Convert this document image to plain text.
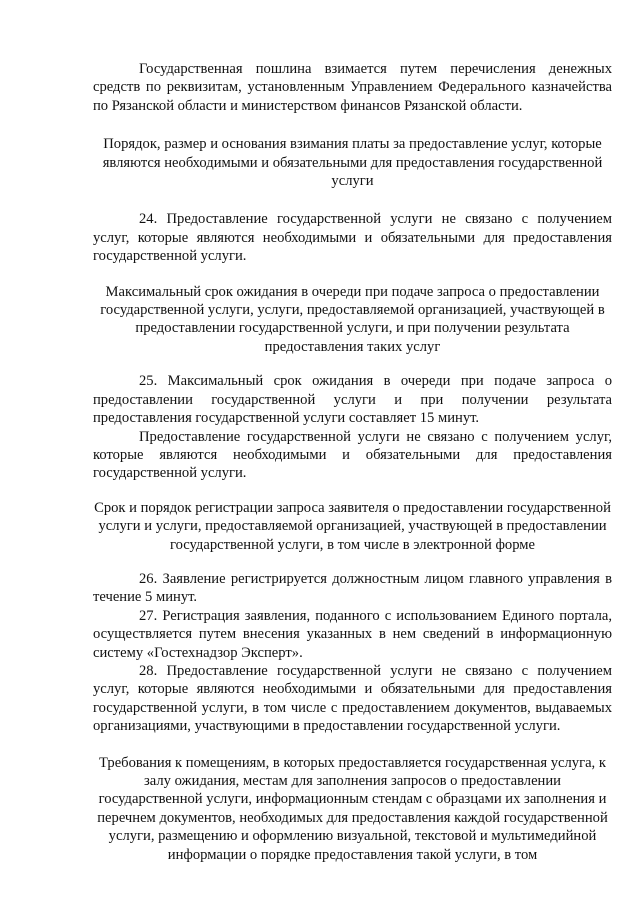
Государственная пошлина взимается путем перечисления денежных средств по реквизитам, установленным Управлением Федерального казначейства по Рязанской области и министерством финансов Рязанской области.

Порядок, размер и основания взимания платы за предоставление услуг, которые являются необходимыми и обязательными для предоставления государственной услуги

24. Предоставление государственной услуги не связано с получением услуг, которые являются необходимыми и обязательными для предоставления государственной услуги.

Максимальный срок ожидания в очереди при подаче запроса о предоставлении государственной услуги, услуги, предоставляемой организацией, участвующей в предоставлении государственной услуги, и при получении результата предоставления таких услуг

25. Максимальный срок ожидания в очереди при подаче запроса о предоставлении государственной услуги и при получении результата предоставления государственной услуги составляет 15 минут.

Предоставление государственной услуги не связано с получением услуг, которые являются необходимыми и обязательными для предоставления государственной услуги.

Срок и порядок регистрации запроса заявителя о предоставлении государственной услуги и услуги, предоставляемой организацией, участвующей в предоставлении государственной услуги, в том числе в электронной форме

26. Заявление регистрируется должностным лицом главного управления в течение 5 минут.

27. Регистрация заявления, поданного с использованием Единого портала, осуществляется путем внесения указанных в нем сведений в информационную систему «Гостехнадзор Эксперт».

28. Предоставление государственной услуги не связано с получением услуг, которые являются необходимыми и обязательными для предоставления государственной услуги, в том числе с предоставлением документов, выдаваемых организациями, участвующими в предоставлении государственной услуги.

Требования к помещениям, в которых предоставляется государственная услуга, к залу ожидания, местам для заполнения запросов о предоставлении государственной услуги, информационным стендам с образцами их заполнения и перечнем документов, необходимых для предоставления каждой государственной услуги, размещению и оформлению визуальной, текстовой и мультимедийной информации о порядке предоставления такой услуги, в том
